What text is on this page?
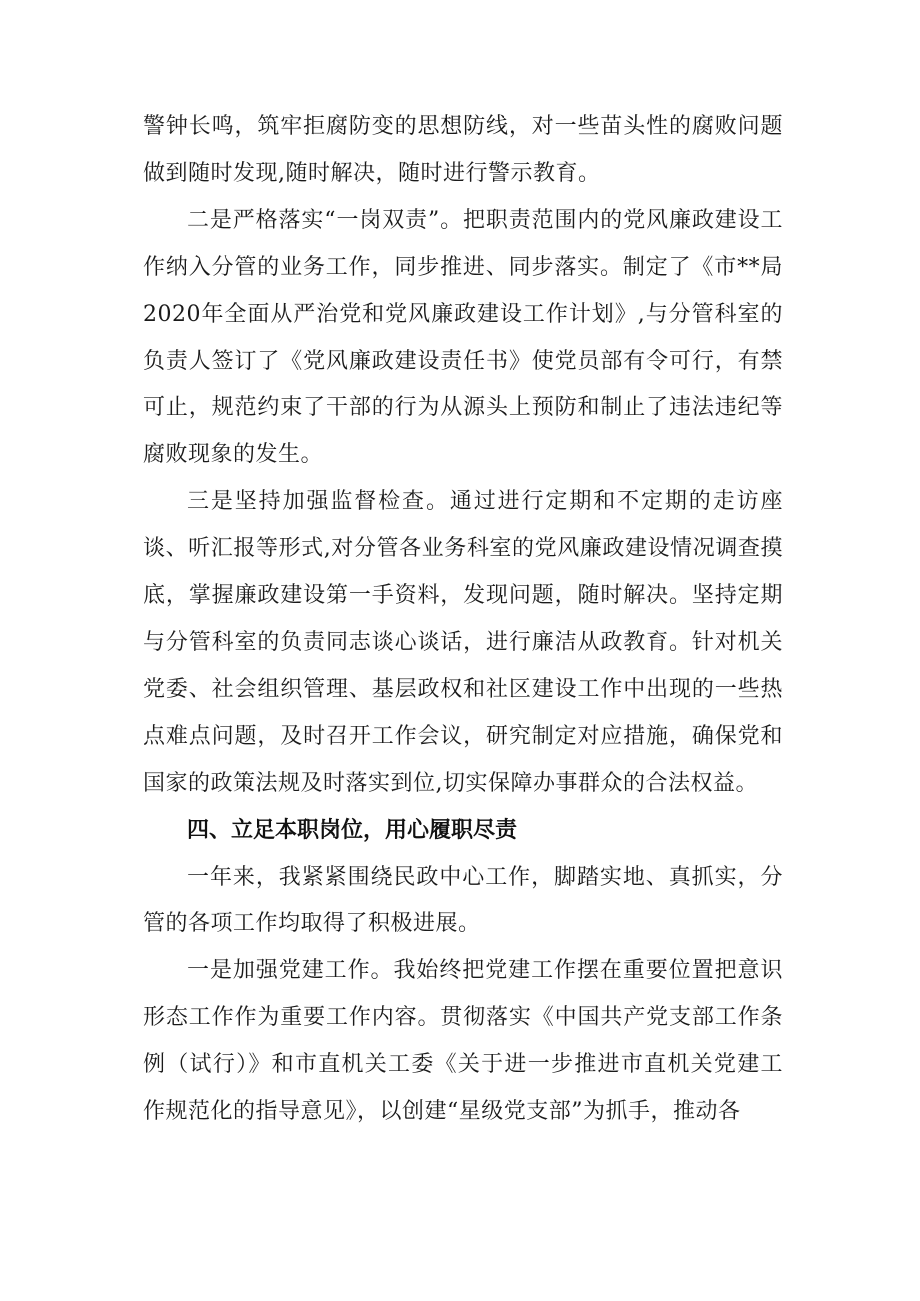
警钟长鸣，筑牢拒腐防变的思想防线，对一些苗头性的腐败问题做到随时发现,随时解决，随时进行警示教育。

二是严格落实“一岗双责”。把职责范围内的党风廉政建设工作纳入分管的业务工作，同步推进、同步落实。制定了《市**局2020年全面从严治党和党风廉政建设工作计划》,与分管科室的负责人签订了《党风廉政建设责任书》使党员部有令可行，有禁可止，规范约束了干部的行为从源头上预防和制止了违法违纪等腐败现象的发生。

三是坚持加强监督检查。通过进行定期和不定期的走访座谈、听汇报等形式,对分管各业务科室的党风廉政建设情况调查摸底，掌握廉政建设第一手资料，发现问题，随时解决。坚持定期与分管科室的负责同志谈心谈话，进行廉洁从政教育。针对机关党委、社会组织管理、基层政权和社区建设工作中出现的一些热点难点问题，及时召开工作会议，研究制定对应措施，确保党和国家的政策法规及时落实到位,切实保障办事群众的合法权益。

四、立足本职岗位，用心履职尽责

一年来，我紧紧围绕民政中心工作，脚踏实地、真抓实，分管的各项工作均取得了积极进展。

一是加强党建工作。我始终把党建工作摆在重要位置把意识形态工作作为重要工作内容。贯彻落实《中国共产党支部工作条例（试行）》和市直机关工委《关于进一步推进市直机关党建工作规范化的指导意见》，以创建“星级党支部”为抓手，推动各
